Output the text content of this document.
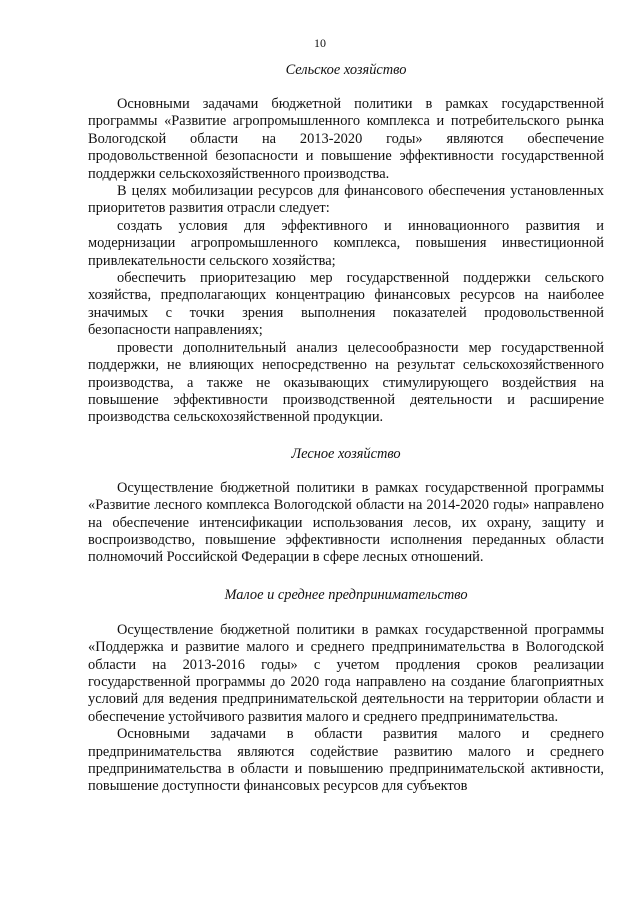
10
Сельское хозяйство

Основными задачами бюджетной политики в рамках государственной программы «Развитие агропромышленного комплекса и потребительского рынка Вологодской области на 2013-2020 годы» являются обеспечение продовольственной безопасности и повышение эффективности государственной поддержки сельскохозяйственного производства.

В целях мобилизации ресурсов для финансового обеспечения установленных приоритетов развития отрасли следует:

создать условия для эффективного и инновационного развития и модернизации агропромышленного комплекса, повышения инвестиционной привлекательности сельского хозяйства;

обеспечить приоритезацию мер государственной поддержки сельского хозяйства, предполагающих концентрацию финансовых ресурсов на наиболее значимых с точки зрения выполнения показателей продовольственной безопасности направлениях;

провести дополнительный анализ целесообразности мер государственной поддержки, не влияющих непосредственно на результат сельскохозяйственного производства, а также не оказывающих стимулирующего воздействия на повышение эффективности производственной деятельности и расширение производства сельскохозяйственной продукции.

Лесное хозяйство

Осуществление бюджетной политики в рамках государственной программы «Развитие лесного комплекса Вологодской области на 2014-2020 годы» направлено на обеспечение интенсификации использования лесов, их охрану, защиту и воспроизводство, повышение эффективности исполнения переданных области полномочий Российской Федерации в сфере лесных отношений.

Малое и среднее предпринимательство

Осуществление бюджетной политики в рамках государственной программы «Поддержка и развитие малого и среднего предпринимательства в Вологодской области на 2013-2016 годы» с учетом продления сроков реализации государственной программы до 2020 года направлено на создание благоприятных условий для ведения предпринимательской деятельности на территории области и обеспечение устойчивого развития малого и среднего предпринимательства.

Основными задачами в области развития малого и среднего предпринимательства являются содействие развитию малого и среднего предпринимательства в области и повышению предпринимательской активности, повышение доступности финансовых ресурсов для субъектов
